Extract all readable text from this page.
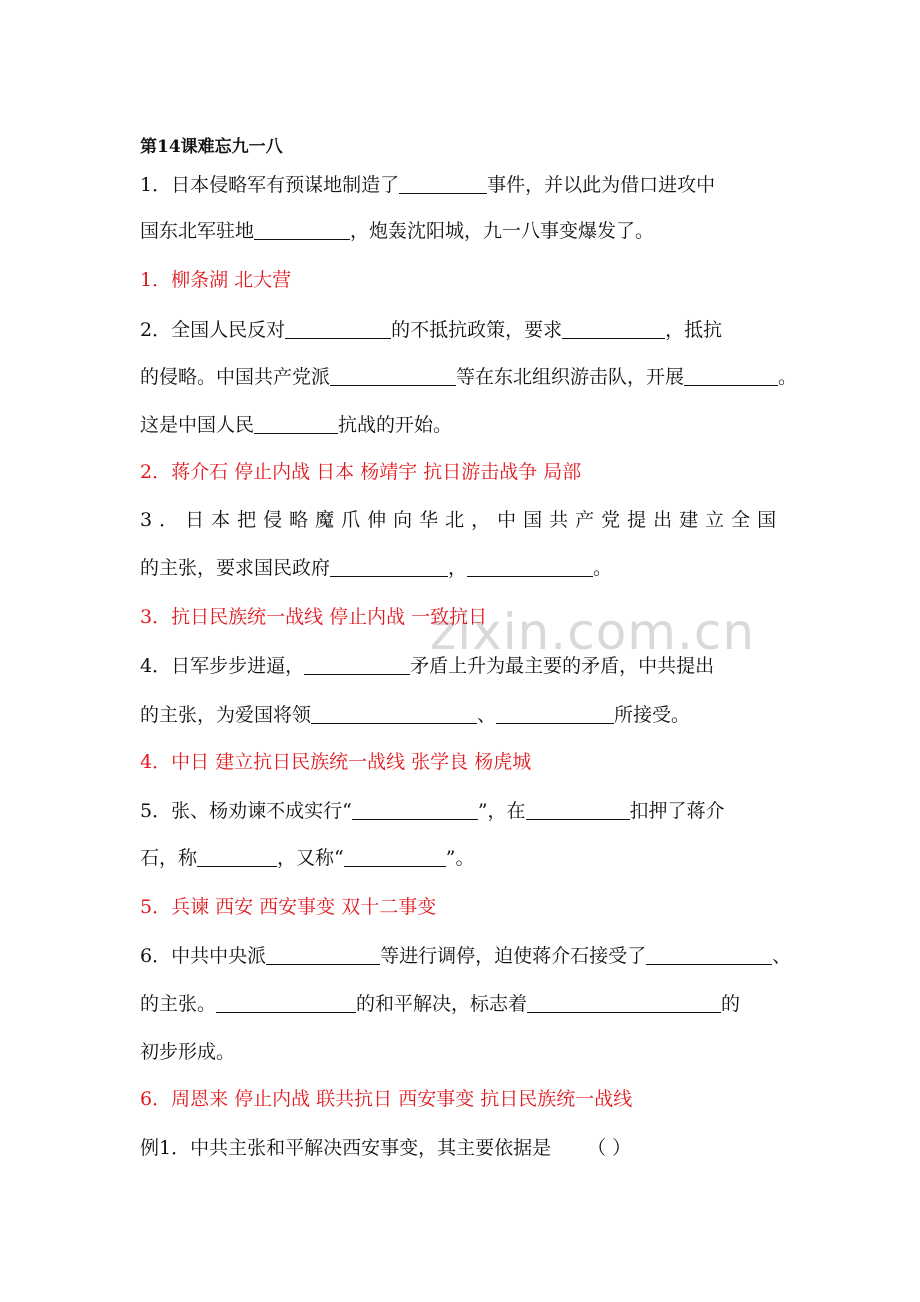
zixin.com.cn
第14课难忘九一八
1．日本侵略军有预谋地制造了	事件，并以此为借口进攻中
国东北军驻地	，炮轰沈阳城，九一八事变爆发了。
1．柳条湖 北大营
2．全国人民反对	的不抵抗政策，要求	，抵抗
的侵略。中国共产党派	等在东北组织游击队，开展	。
这是中国人民	抗战的开始。
2．蒋介石 停止内战 日本 杨靖宇 抗日游击战争 局部
3．日本把侵略魔爪伸向华北，中国共产党提出建立全国
的主张，要求国民政府	，	。
3．抗日民族统一战线 停止内战 一致抗日
4．日军步步进逼，	矛盾上升为最主要的矛盾，中共提出
的主张，为爱国将领	、	所接受。
4．中日 建立抗日民族统一战线 张学良 杨虎城
5．张、杨劝谏不成实行“	”，在	扣押了蒋介
石，称	，又称“	”。
5．兵谏 西安 西安事变 双十二事变
6．中共中央派	等进行调停，迫使蒋介石接受了	、
的主张。	的和平解决，标志着	的
初步形成。
6．周恩来 停止内战 联共抗日 西安事变 抗日民族统一战线
例1．中共主张和平解决西安事变，其主要依据是 （ ）
